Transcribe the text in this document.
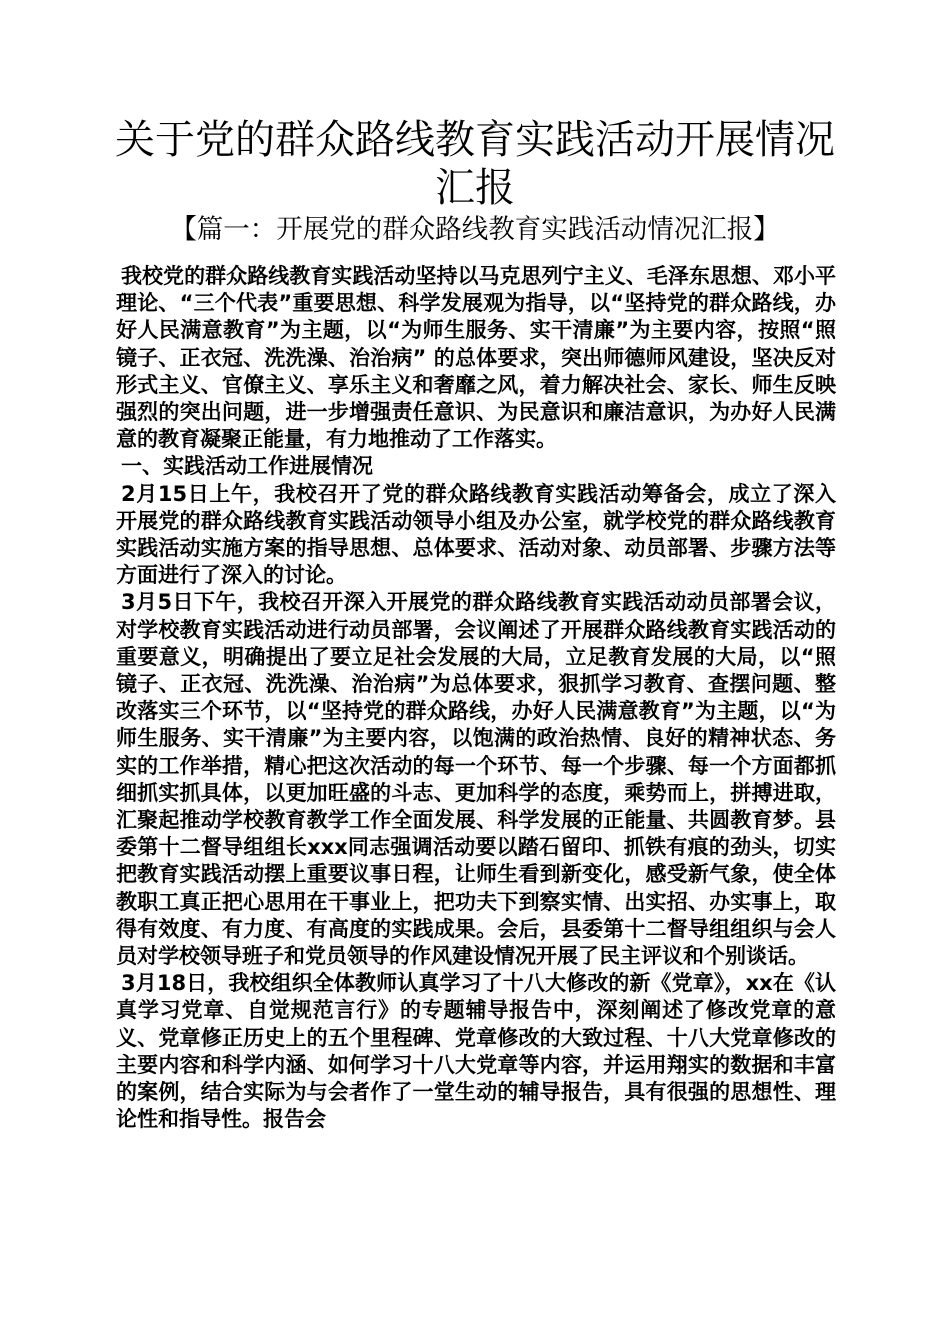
关于党的群众路线教育实践活动开展情况汇报
【篇一：开展党的群众路线教育实践活动情况汇报】

我校党的群众路线教育实践活动坚持以马克思列宁主义、毛泽东思想、邓小平理论、“三个代表”重要思想、科学发展观为指导，以“坚持党的群众路线，办好人民满意教育”为主题，以“为师生服务、实干清廉”为主要内容，按照“照镜子、正衣冠、洗洗澡、治治病” 的总体要求，突出师德师风建设，坚决反对形式主义、官僚主义、享乐主义和奢靡之风，着力解决社会、家长、师生反映强烈的突出问题，进一步增强责任意识、为民意识和廉洁意识，为办好人民满意的教育凝聚正能量，有力地推动了工作落实。

一、实践活动工作进展情况

2月15日上午，我校召开了党的群众路线教育实践活动筹备会，成立了深入开展党的群众路线教育实践活动领导小组及办公室，就学校党的群众路线教育实践活动实施方案的指导思想、总体要求、活动对象、动员部署、步骤方法等方面进行了深入的讨论。

3月5日下午，我校召开深入开展党的群众路线教育实践活动动员部署会议，对学校教育实践活动进行动员部署，会议阐述了开展群众路线教育实践活动的重要意义，明确提出了要立足社会发展的大局，立足教育发展的大局，以“照镜子、正衣冠、洗洗澡、治治病”为总体要求，狠抓学习教育、查摆问题、整改落实三个环节，以“坚持党的群众路线，办好人民满意教育”为主题，以“为师生服务、实干清廉”为主要内容，以饱满的政治热情、良好的精神状态、务实的工作举措，精心把这次活动的每一个环节、每一个步骤、每一个方面都抓细抓实抓具体，以更加旺盛的斗志、更加科学的态度，乘势而上，拼搏进取，汇聚起推动学校教育教学工作全面发展、科学发展的正能量、共圆教育梦。县委第十二督导组组长xxx同志强调活动要以踏石留印、抓铁有痕的劲头，切实把教育实践活动摆上重要议事日程，让师生看到新变化，感受新气象，使全体教职工真正把心思用在干事业上，把功夫下到察实情、出实招、办实事上，取得有效度、有力度、有高度的实践成果。会后，县委第十二督导组组织与会人员对学校领导班子和党员领导的作风建设情况开展了民主评议和个别谈话。

3月18日，我校组织全体教师认真学习了十八大修改的新《党章》，xx在《认真学习党章、自觉规范言行》的专题辅导报告中，深刻阐述了修改党章的意义、党章修正历史上的五个里程碑、党章修改的大致过程、十八大党章修改的主要内容和科学内涵、如何学习十八大党章等内容，并运用翔实的数据和丰富的案例，结合实际为与会者作了一堂生动的辅导报告，具有很强的思想性、理论性和指导性。报告会
